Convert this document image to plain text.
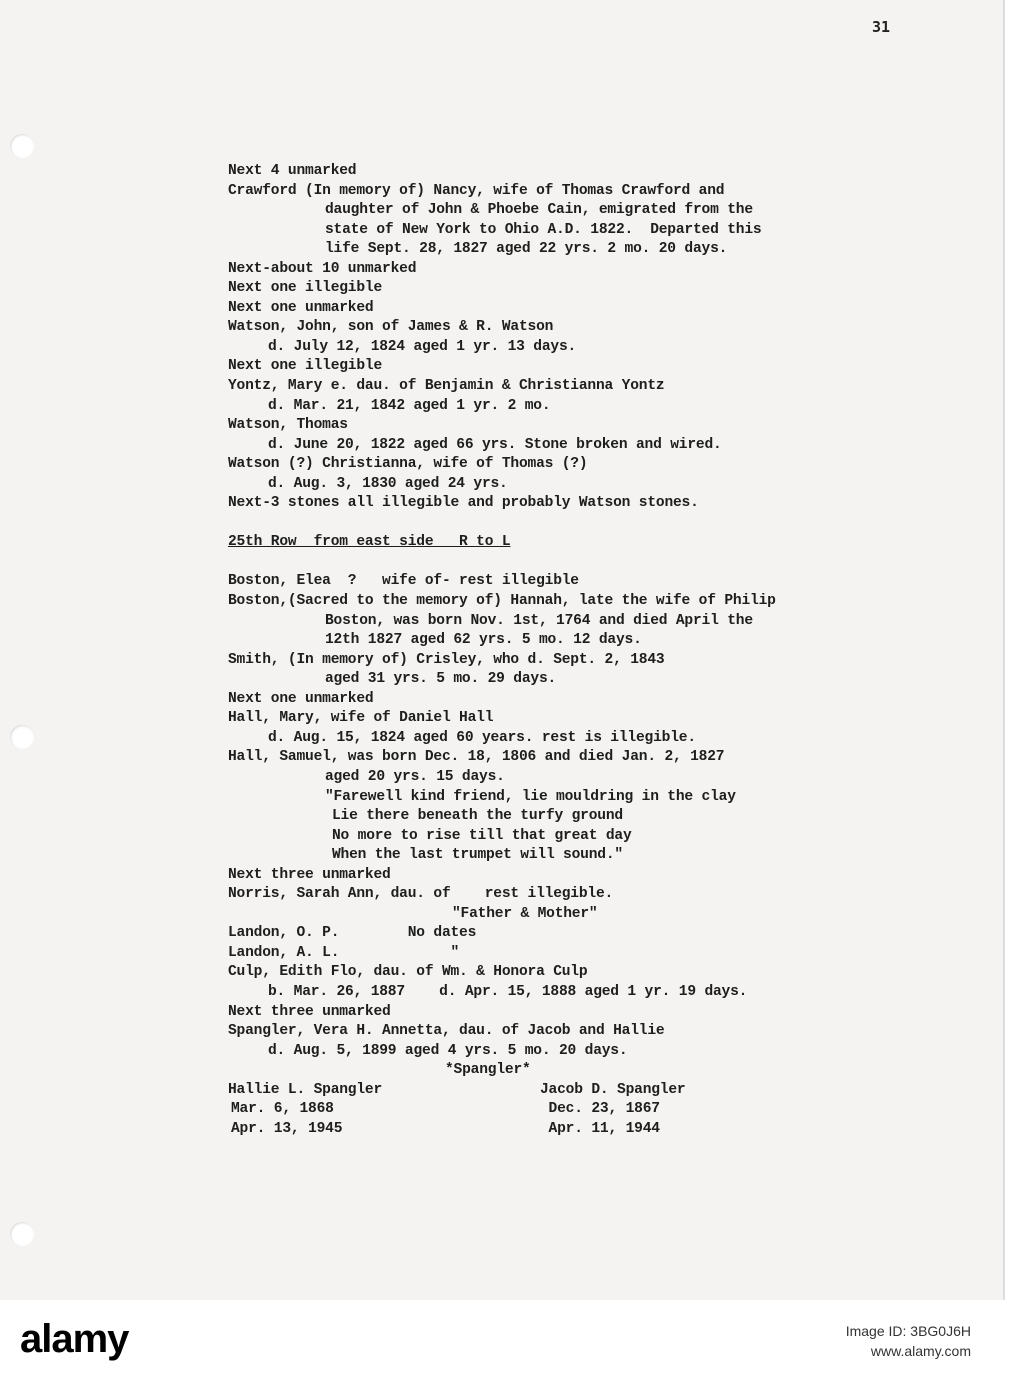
31
Next 4 unmarked
Crawford (In memory of) Nancy, wife of Thomas Crawford and
daughter of John & Phoebe Cain, emigrated from the
state of New York to Ohio A.D. 1822.  Departed this
life Sept. 28, 1827 aged 22 yrs. 2 mo. 20 days.
Next-about 10 unmarked
Next one illegible
Next one unmarked
Watson, John, son of James & R. Watson
d. July 12, 1824 aged 1 yr. 13 days.
Next one illegible
Yontz, Mary e. dau. of Benjamin & Christianna Yontz
d. Mar. 21, 1842 aged 1 yr. 2 mo.
Watson, Thomas
d. June 20, 1822 aged 66 yrs. Stone broken and wired.
Watson (?) Christianna, wife of Thomas (?)
d. Aug. 3, 1830 aged 24 yrs.
Next-3 stones all illegible and probably Watson stones.
25th Row  from east side   R to L
Boston, Elea  ?   wife of- rest illegible
Boston,(Sacred to the memory of) Hannah, late the wife of Philip
Boston, was born Nov. 1st, 1764 and died April the
12th 1827 aged 62 yrs. 5 mo. 12 days.
Smith, (In memory of) Crisley, who d. Sept. 2, 1843
aged 31 yrs. 5 mo. 29 days.
Next one unmarked
Hall, Mary, wife of Daniel Hall
d. Aug. 15, 1824 aged 60 years. rest is illegible.
Hall, Samuel, was born Dec. 18, 1806 and died Jan. 2, 1827
aged 20 yrs. 15 days.
"Farewell kind friend, lie mouldring in the clay
Lie there beneath the turfy ground
No more to rise till that great day
When the last trumpet will sound."
Next three unmarked
Norris, Sarah Ann, dau. of    rest illegible.
"Father & Mother"
Landon, O. P.        No dates
Landon, A. L.             "
Culp, Edith Flo, dau. of Wm. & Honora Culp
b. Mar. 26, 1887    d. Apr. 15, 1888 aged 1 yr. 19 days.
Next three unmarked
Spangler, Vera H. Annetta, dau. of Jacob and Hallie
d. Aug. 5, 1899 aged 4 yrs. 5 mo. 20 days.
*Spangler*
Hallie L. Spangler	Jacob D. Spangler
Mar. 6, 1868	Dec. 23, 1867
Apr. 13, 1945	Apr. 11, 1944
alamy	Image ID: 3BG0J6H
www.alamy.com
